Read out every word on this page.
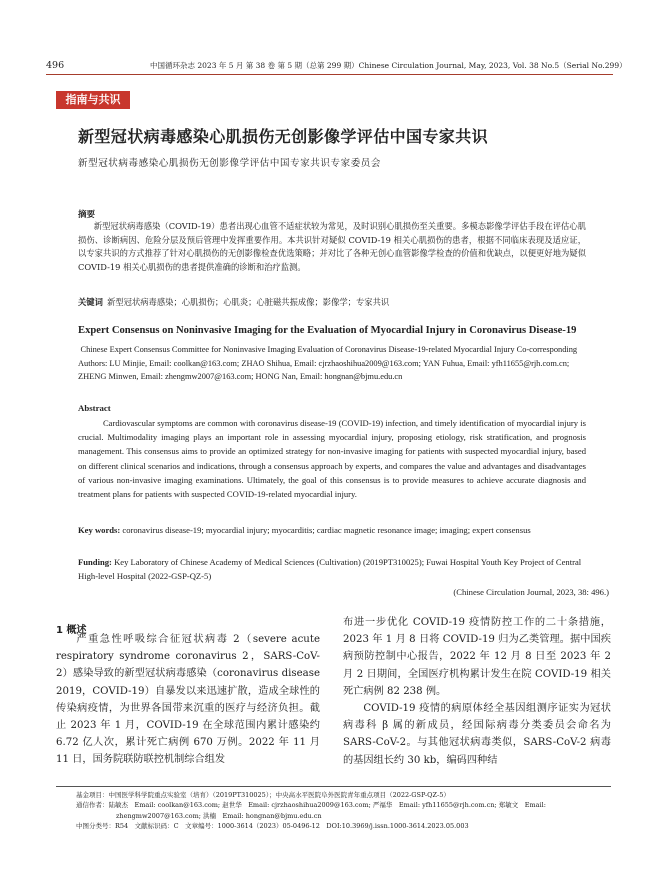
496	中国循环杂志 2023 年 5 月 第 38 卷 第 5 期（总第 299 期）Chinese Circulation Journal, May, 2023, Vol. 38 No.5（Serial No.299）
指南与共识
新型冠状病毒感染心肌损伤无创影像学评估中国专家共识
新型冠状病毒感染心肌损伤无创影像学评估中国专家共识专家委员会
摘要
新型冠状病毒感染（COVID-19）患者出现心血管不适症状较为常见，及时识别心肌损伤至关重要。多模态影像学评估手段在评估心肌损伤、诊断病因、危险分层及预后管理中发挥重要作用。本共识针对疑似 COVID-19 相关心肌损伤的患者，根据不同临床表现及适应证，以专家共识的方式推荐了针对心肌损伤的无创影像检查优选策略；并对比了各种无创心血管影像学检查的价值和优缺点，以便更好地为疑似 COVID-19 相关心肌损伤的患者提供准确的诊断和治疗监测。
关键词  新型冠状病毒感染；心肌损伤；心肌炎；心脏磁共振成像；影像学；专家共识
Expert Consensus on Noninvasive Imaging for the Evaluation of Myocardial Injury in Coronavirus Disease-19
Chinese Expert Consensus Committee for Noninvasive Imaging Evaluation of Coronavirus Disease-19-related Myocardial Injury Co-corresponding Authors: LU Minjie, Email: coolkan@163.com; ZHAO Shihua, Email: cjrzhaoshihua2009@163.com; YAN Fuhua, Email: yfh11655@rjh.com.cn; ZHENG Minwen, Email: zhengmw2007@163.com; HONG Nan, Email: hongnan@bjmu.edu.cn
Abstract
Cardiovascular symptoms are common with coronavirus disease-19 (COVID-19) infection, and timely identification of myocardial injury is crucial. Multimodality imaging plays an important role in assessing myocardial injury, proposing etiology, risk stratification, and prognosis management. This consensus aims to provide an optimized strategy for non-invasive imaging for patients with suspected myocardial injury, based on different clinical scenarios and indications, through a consensus approach by experts, and compares the value and advantages and disadvantages of various non-invasive imaging examinations. Ultimately, the goal of this consensus is to provide measures to achieve accurate diagnosis and treatment plans for patients with suspected COVID-19-related myocardial injury.
Key words: coronavirus disease-19; myocardial injury; myocarditis; cardiac magnetic resonance image; imaging; expert consensus
Funding: Key Laboratory of Chinese Academy of Medical Sciences (Cultivation) (2019PT310025); Fuwai Hospital Youth Key Project of Central High-level Hospital (2022-GSP-QZ-5)
(Chinese Circulation Journal, 2023, 38: 496.)
1 概述
严重急性呼吸综合征冠状病毒 2（severe acute respiratory syndrome coronavirus 2，SARS-CoV-2）感染导致的新型冠状病毒感染（coronavirus disease 2019，COVID-19）自暴发以来迅速扩散，造成全球性的传染病疫情，为世界各国带来沉重的医疗与经济负担。截止 2023 年 1 月，COVID-19 在全球范围内累计感染约 6.72 亿人次，累计死亡病例 670 万例。2022 年 11 月 11 日，国务院联防联控机制综合组发

布进一步优化 COVID-19 疫情防控工作的二十条措施，2023 年 1 月 8 日将 COVID-19 归为乙类管理。据中国疾病预防控制中心报告，2022 年 12 月 8 日至 2023 年 2 月 2 日期间，全国医疗机构累计发生在院 COVID-19 相关死亡病例 82 238 例。

COVID-19 疫情的病原体经全基因组测序证实为冠状病毒科 β 属的新成员，经国际病毒分类委员会命名为 SARS-CoV-2。与其他冠状病毒类似，SARS-CoV-2 病毒的基因组长约 30 kb，编码四种结

基金项目：中国医学科学院重点实验室（培育）（2019PT310025）；中央高水平医院阜外医院青年重点项目（2022-GSP-QZ-5）
通信作者：陆敏杰　Email: coolkan@163.com; 赵世华　Email: cjrzhaoshihua2009@163.com; 严福华　Email: yfh11655@rjh.com.cn; 郑敏文　Email:
zhengmw2007@163.com; 洪楠　Email: hongnan@bjmu.edu.cn
中图分类号：R54　文献标识码：C　文章编号：1000-3614（2023）05-0496-12　DOI:10.3969/j.issn.1000-3614.2023.05.003
